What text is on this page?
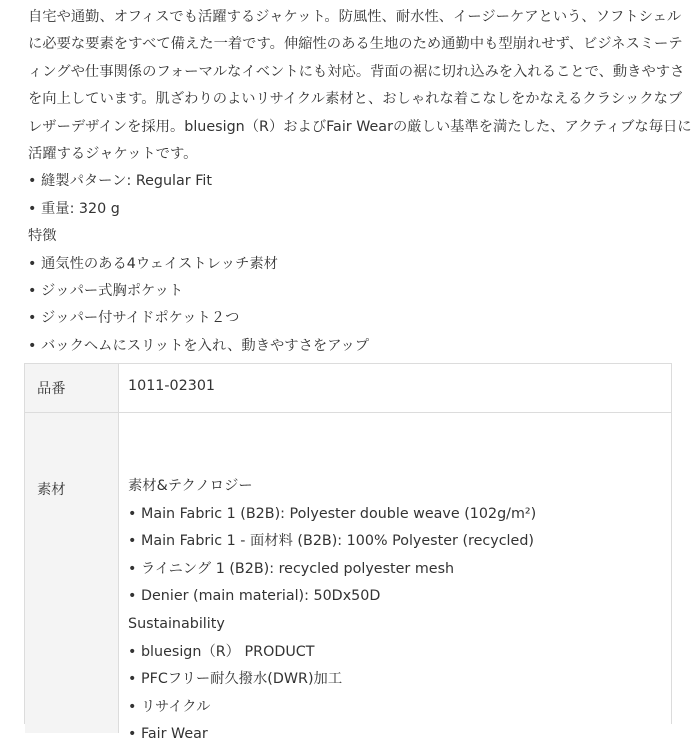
自宅や通勤、オフィスでも活躍するジャケット。防風性、耐水性、イージーケアという、ソフトシェル
に必要な要素をすべて備えた一着です。伸縮性のある生地のため通勤中も型崩れせず、ビジネスミーテ
ィングや仕事関係のフォーマルなイベントにも対応。背面の裾に切れ込みを入れることで、動きやすさ
を向上しています。肌ざわりのよいリサイクル素材と、おしゃれな着こなしをかなえるクラシックなブ
レザーデザインを採用。bluesign（R）およびFair Wearの厳しい基準を満たした、アクティブな毎日に
活躍するジャケットです。

• 縫製パターン: Regular Fit
• 重量: 320 g
特徴
• 通気性のある4ウェイストレッチ素材
• ジッパー式胸ポケット
• ジッパー付サイドポケット２つ
• バックヘムにスリットを入れ、動きやすさをアップ
品番	1011-02301
素材	素材&テクノロジー
• Main Fabric 1 (B2B): Polyester double weave (102g/m²)
• Main Fabric 1 - 面材料 (B2B): 100% Polyester (recycled)
• ライニング 1 (B2B): recycled polyester mesh
• Denier (main material): 50Dx50D
Sustainability
• bluesign（R） PRODUCT
• PFCフリー耐久撥水(DWR)加工
• リサイクル
• Fair Wear
